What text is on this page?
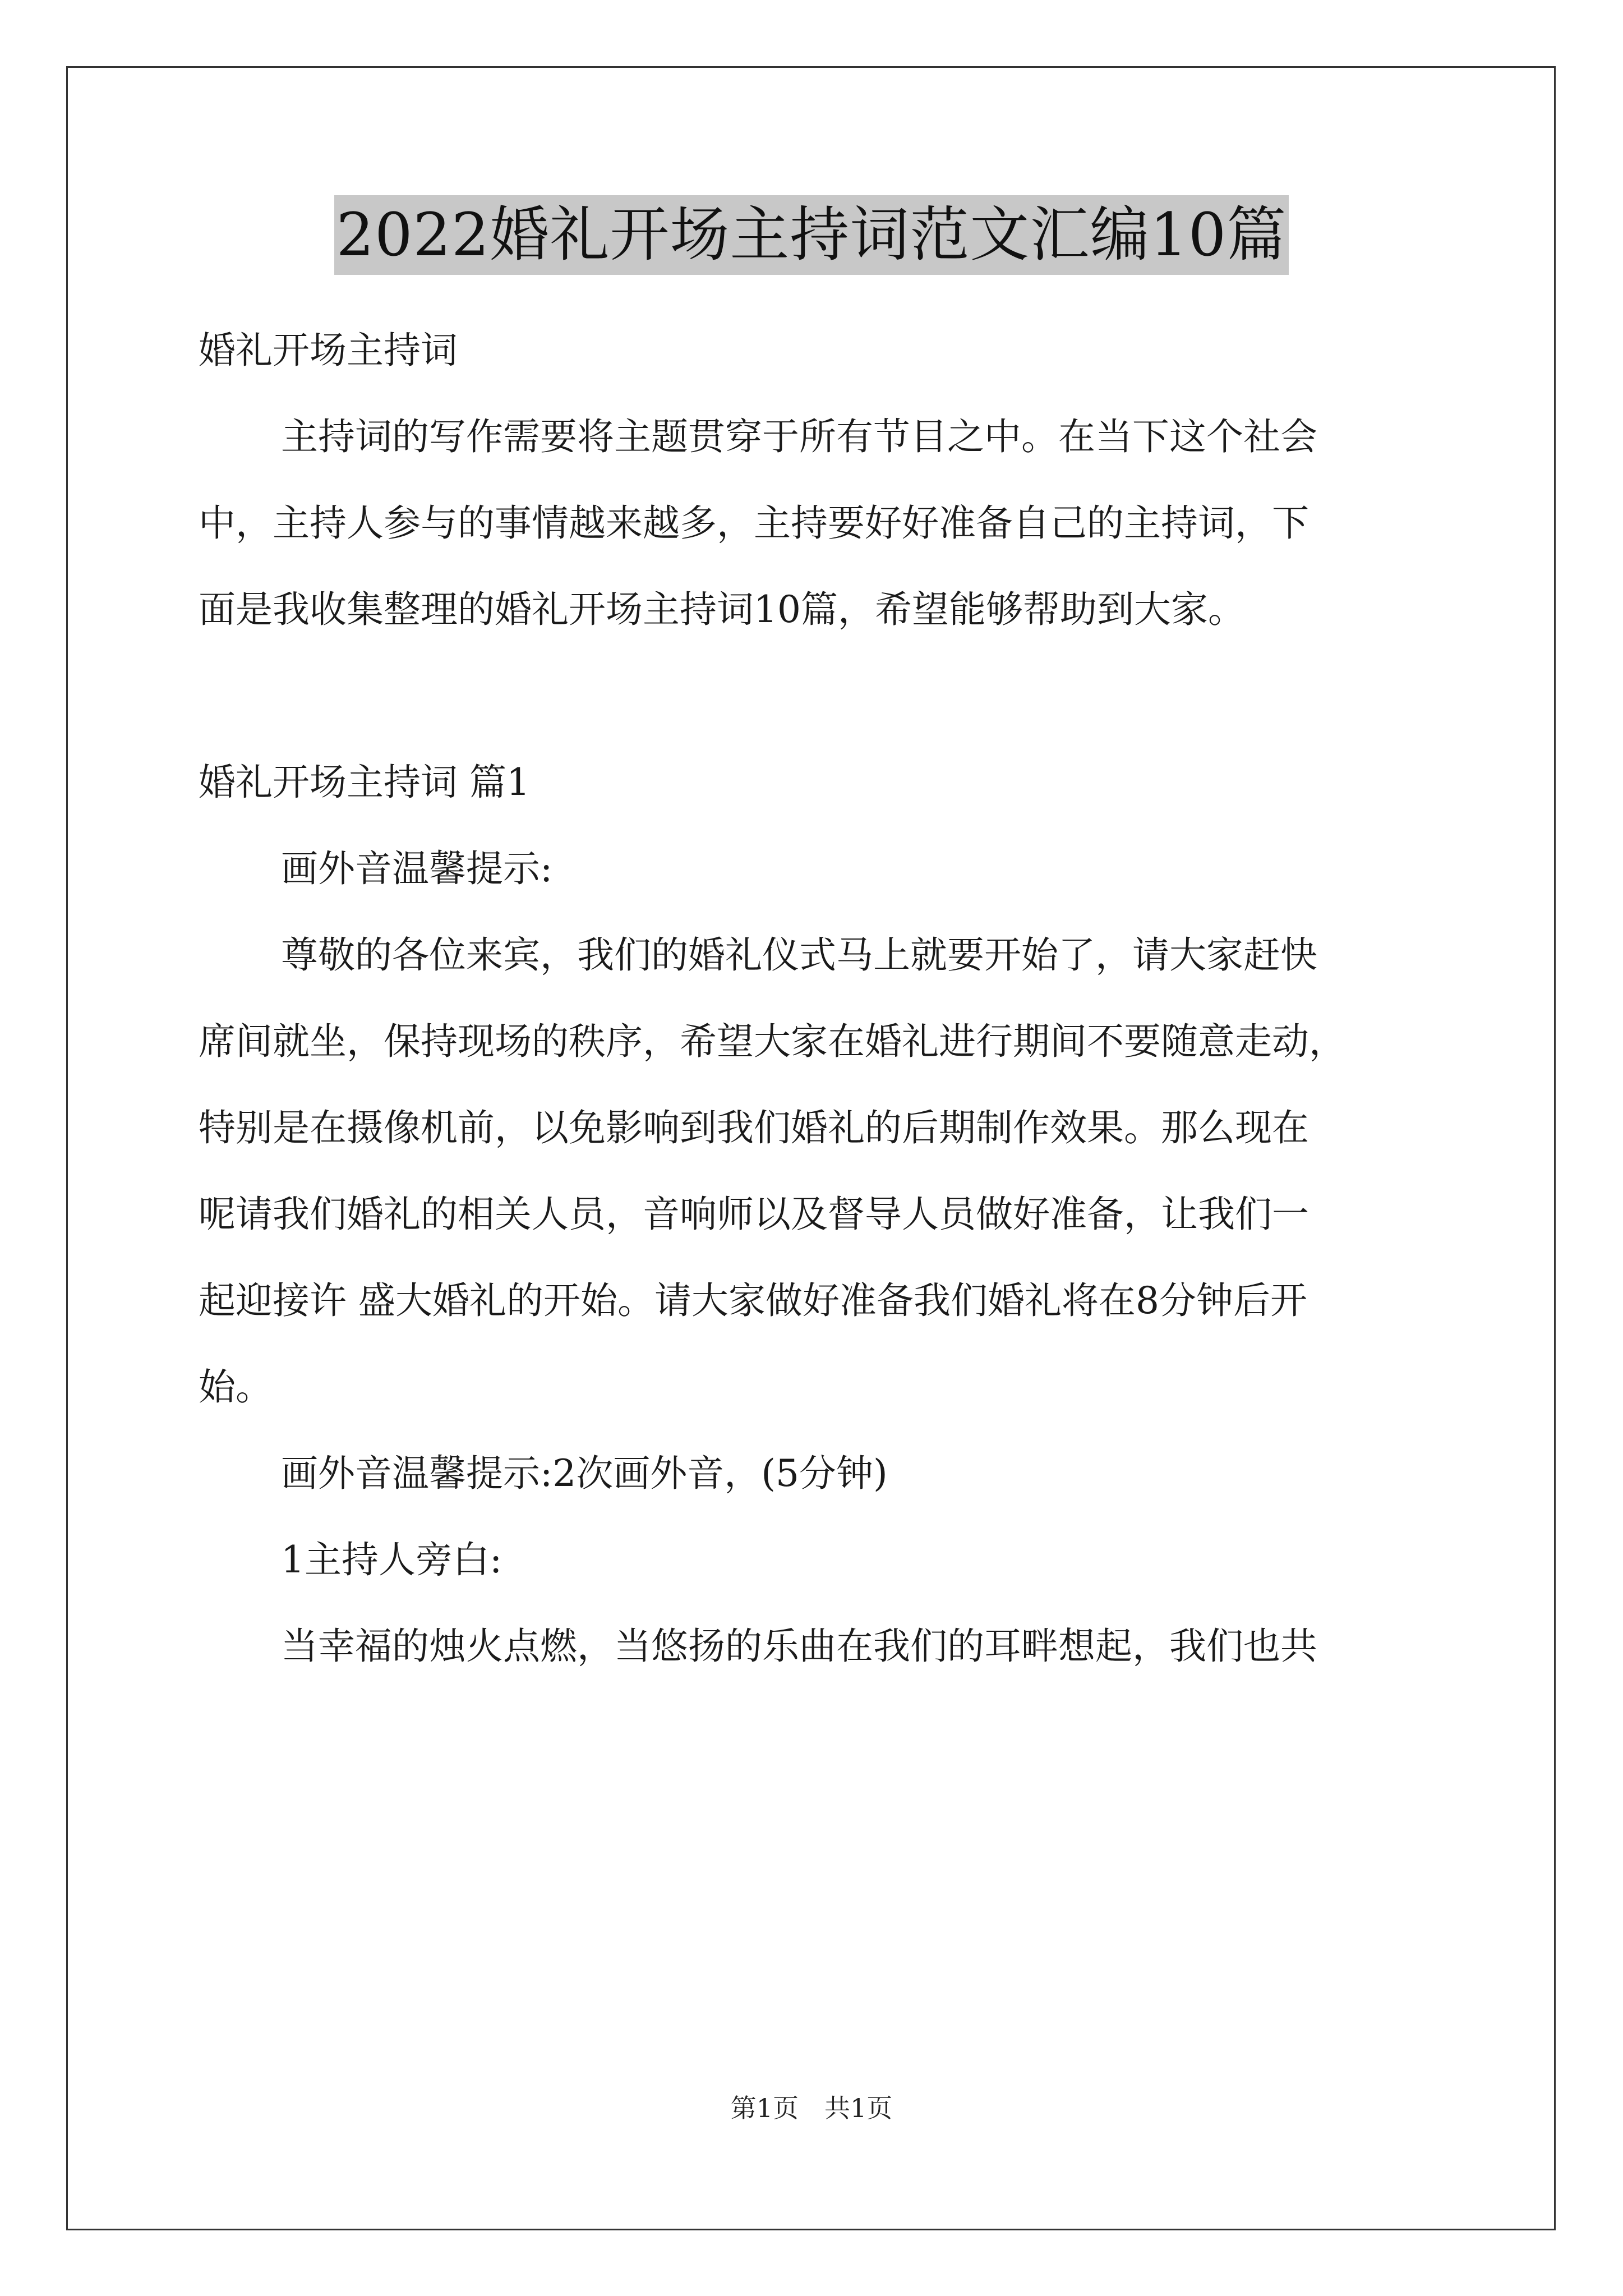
2022婚礼开场主持词范文汇编10篇
婚礼开场主持词
主持词的写作需要将主题贯穿于所有节目之中。在当下这个社会
中，主持人参与的事情越来越多，主持要好好准备自己的主持词，下
面是我收集整理的婚礼开场主持词10篇，希望能够帮助到大家。
婚礼开场主持词 篇1
画外音温馨提示:
尊敬的各位来宾，我们的婚礼仪式马上就要开始了，请大家赶快
席间就坐，保持现场的秩序，希望大家在婚礼进行期间不要随意走动，
特别是在摄像机前，以免影响到我们婚礼的后期制作效果。那么现在
呢请我们婚礼的相关人员，音响师以及督导人员做好准备，让我们一
起迎接许 盛大婚礼的开始。请大家做好准备我们婚礼将在8分钟后开
始。
画外音温馨提示:2次画外音，(5分钟)
1主持人旁白:
当幸福的烛火点燃，当悠扬的乐曲在我们的耳畔想起，我们也共
第1页　共1页
